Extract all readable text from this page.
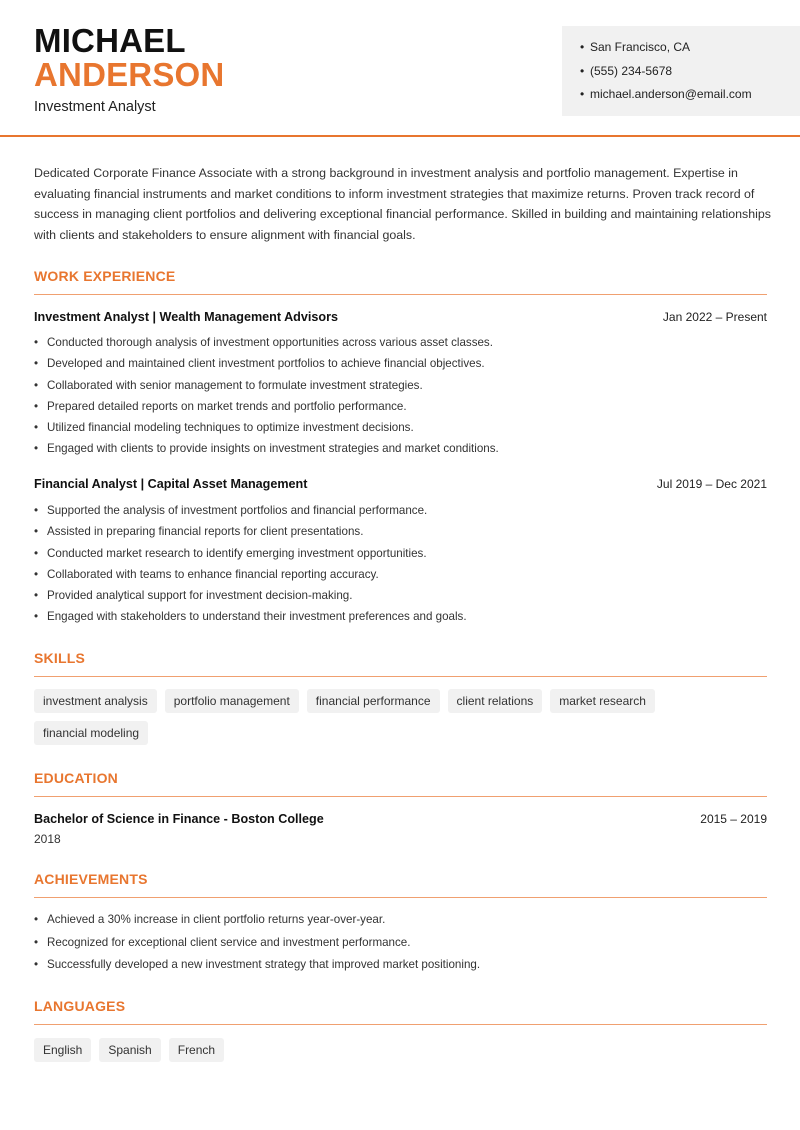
MICHAEL
ANDERSON
Investment Analyst
• San Francisco, CA
• (555) 234-5678
• michael.anderson@email.com

Dedicated Corporate Finance Associate with a strong background in investment analysis and portfolio management. Expertise in evaluating financial instruments and market conditions to inform investment strategies that maximize returns. Proven track record of success in managing client portfolios and delivering exceptional financial performance. Skilled in building and maintaining relationships with clients and stakeholders to ensure alignment with financial goals.

WORK EXPERIENCE
Investment Analyst | Wealth Management Advisors	Jan 2022 – Present
• Conducted thorough analysis of investment opportunities across various asset classes.
• Developed and maintained client investment portfolios to achieve financial objectives.
• Collaborated with senior management to formulate investment strategies.
• Prepared detailed reports on market trends and portfolio performance.
• Utilized financial modeling techniques to optimize investment decisions.
• Engaged with clients to provide insights on investment strategies and market conditions.
Financial Analyst | Capital Asset Management	Jul 2019 – Dec 2021
• Supported the analysis of investment portfolios and financial performance.
• Assisted in preparing financial reports for client presentations.
• Conducted market research to identify emerging investment opportunities.
• Collaborated with teams to enhance financial reporting accuracy.
• Provided analytical support for investment decision-making.
• Engaged with stakeholders to understand their investment preferences and goals.
SKILLS
investment analysis	portfolio management	financial performance	client relations	market research
financial modeling
EDUCATION
Bachelor of Science in Finance - Boston College	2015 – 2019
2018
ACHIEVEMENTS
• Achieved a 30% increase in client portfolio returns year-over-year.
• Recognized for exceptional client service and investment performance.
• Successfully developed a new investment strategy that improved market positioning.
LANGUAGES
English	Spanish	French
